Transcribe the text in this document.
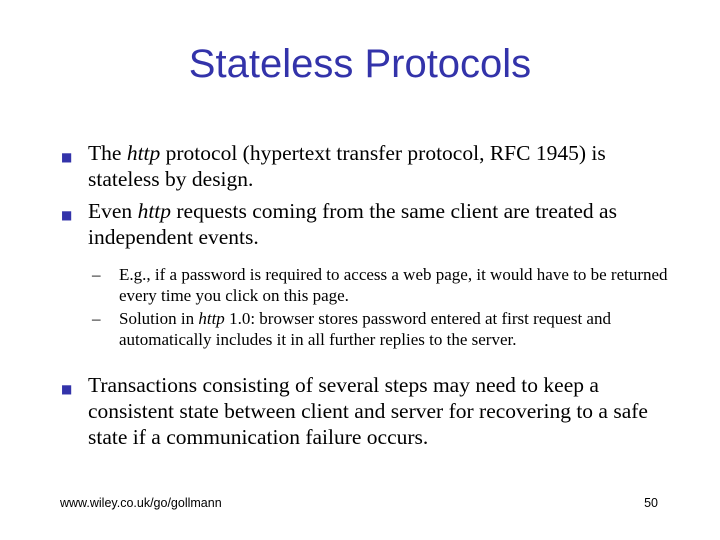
Stateless Protocols
■ The http protocol (hypertext transfer protocol, RFC 1945) is stateless by design.
■ Even http requests coming from the same client are treated as independent events.
– E.g., if a password is required to access a web page, it would have to be returned every time you click on this page.
– Solution in http 1.0: browser stores password entered at first request and automatically includes it in all further replies to the server.
■ Transactions consisting of several steps may need to keep a consistent state between client and server for recovering to a safe state if a communication failure occurs.
www.wiley.co.uk/go/gollmann	50
